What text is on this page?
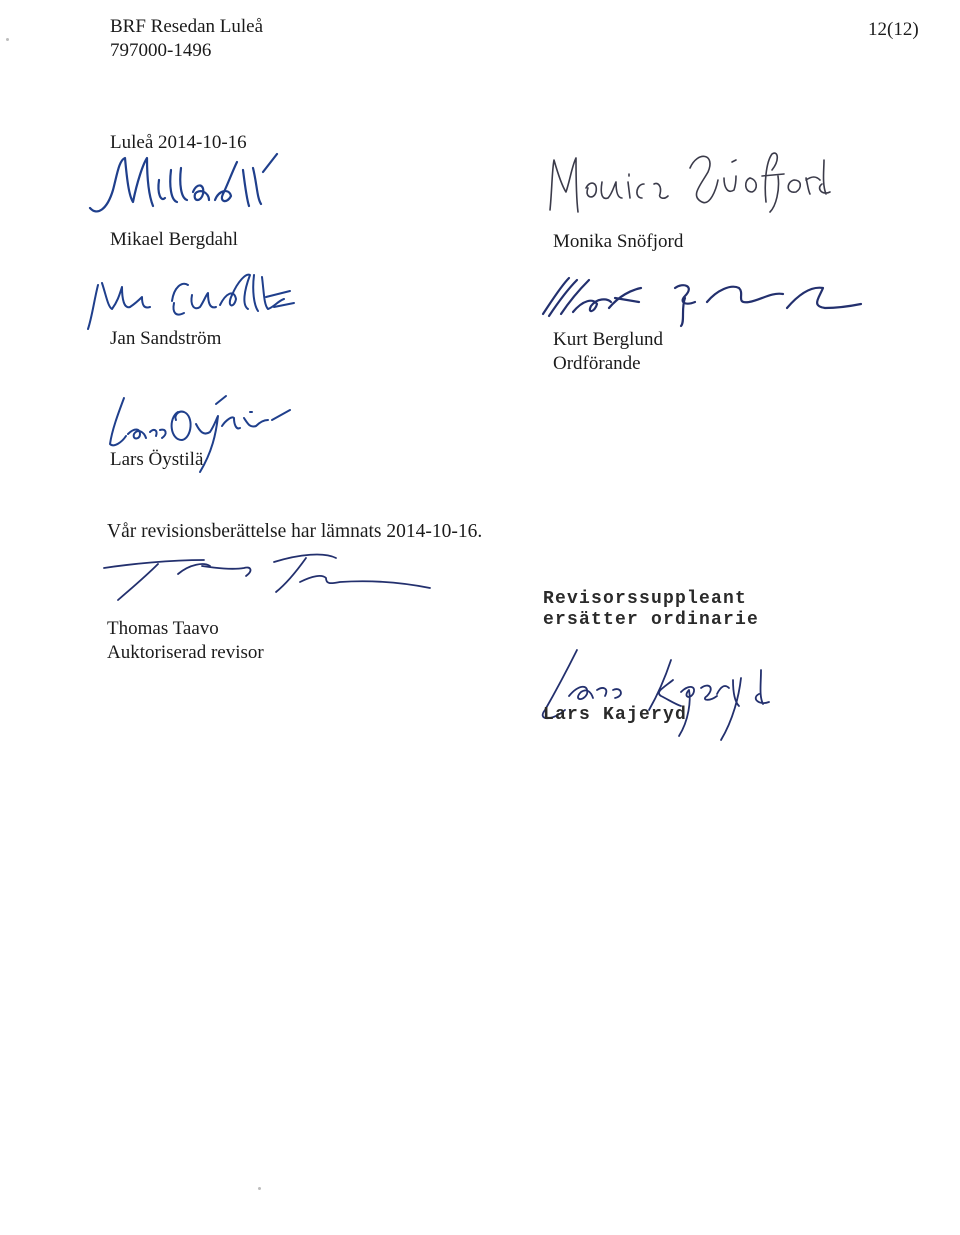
BRF Resedan Luleå
797000-1496
12(12)
Luleå 2014-10-16
Mikael Bergdahl	Monika Snöfjord
Jan Sandström	Kurt Berglund
Ordförande
Lars Öystilä
Vår revisionsberättelse har lämnats 2014-10-16.
Thomas Taavo
Auktoriserad revisor
Revisorssuppleant
ersätter ordinarie
Lars Kajeryd
